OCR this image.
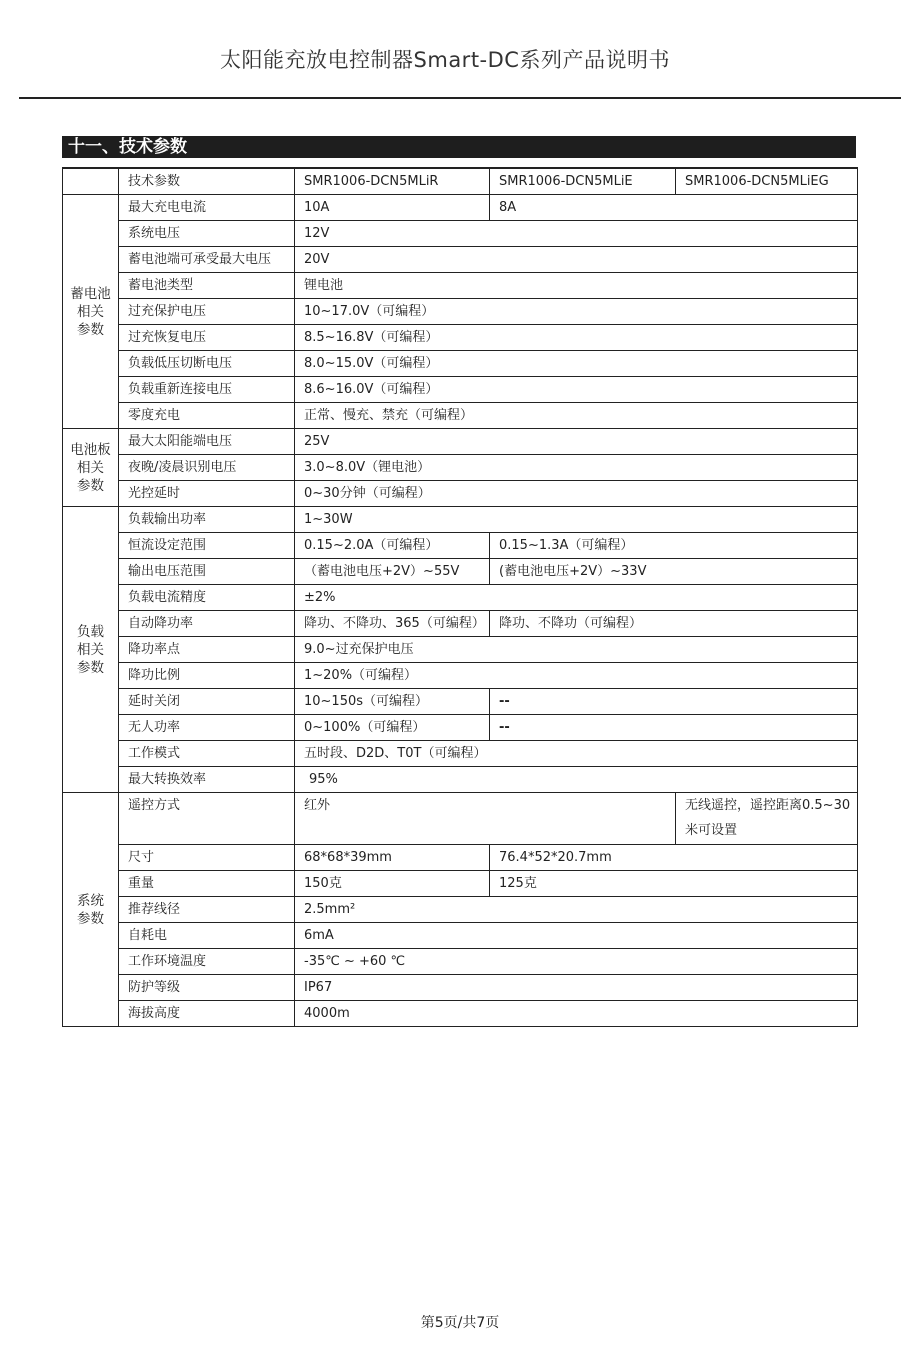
太阳能充放电控制器Smart-DC系列产品说明书
十一、技术参数
	技术参数	SMR1006-DCN5MLiR	SMR1006-DCN5MLiE	SMR1006-DCN5MLiEG
蓄电池
相关
参数	最大充电电流	10A	8A	
	系统电压	12V		
	蓄电池端可承受最大电压	20V		
	蓄电池类型	锂电池		
	过充保护电压	10~17.0V（可编程）		
	过充恢复电压	8.5~16.8V（可编程）		
	负载低压切断电压	8.0~15.0V（可编程）		
	负载重新连接电压	8.6~16.0V（可编程）		
	零度充电	正常、慢充、禁充（可编程）		
电池板
相关
参数	最大太阳能端电压	25V		
	夜晚/凌晨识别电压	3.0~8.0V（锂电池）		
	光控延时	0~30分钟（可编程）		
负载
相关
参数	负载输出功率	1~30W		
	恒流设定范围	0.15~2.0A（可编程）	0.15~1.3A（可编程）	
	输出电压范围	（蓄电池电压+2V）~55V	(蓄电池电压+2V）~33V	
	负载电流精度	±2%		
	自动降功率	降功、不降功、365（可编程）	降功、不降功（可编程）	
	降功率点	9.0~过充保护电压		
	降功比例	1~20%（可编程）		
	延时关闭	10~150s（可编程）	--	
	无人功率	0~100%（可编程）	--	
	工作模式	五时段、D2D、T0T（可编程）		
	最大转换效率	95%		
系统
参数	遥控方式	红外		无线遥控，遥控距离0.5~30米可设置
	尺寸	68*68*39mm	76.4*52*20.7mm	
	重量	150克	125克	
	推荐线径	2.5mm²		
	自耗电	6mA		
	工作环境温度	-35℃ ~ +60 ℃		
	防护等级	IP67		
	海拔高度	4000m		
第5页/共7页
